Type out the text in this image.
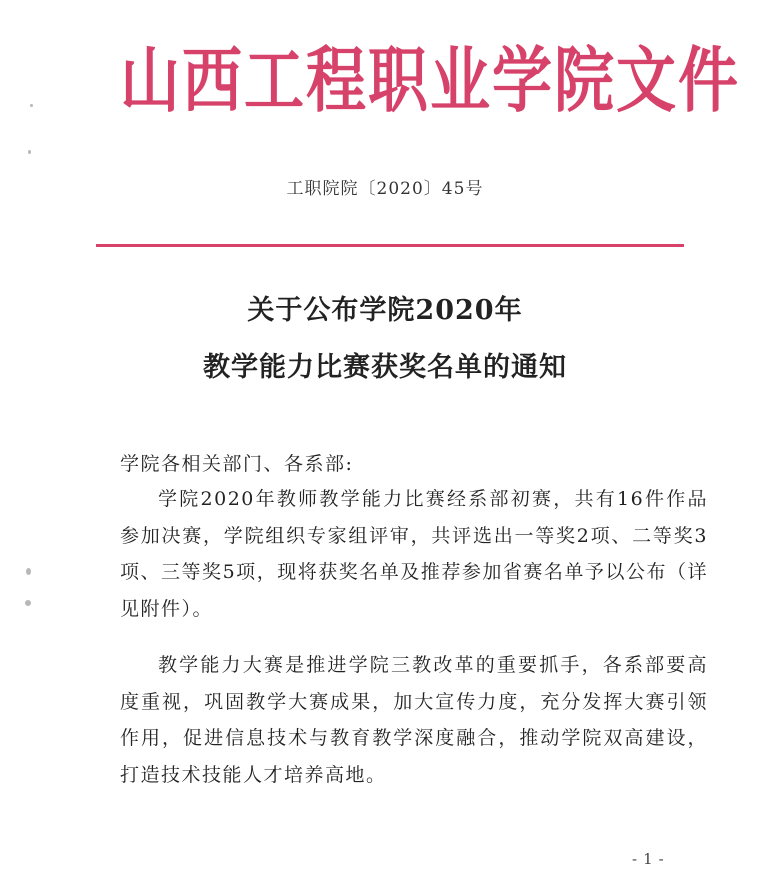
山西工程职业学院文件
工职院院〔2020〕45号
关于公布学院2020年
教学能力比赛获奖名单的通知
学院各相关部门、各系部:
学院2020年教师教学能力比赛经系部初赛，共有16件作品参加决赛，学院组织专家组评审，共评选出一等奖2项、二等奖3项、三等奖5项，现将获奖名单及推荐参加省赛名单予以公布（详见附件）。
教学能力大赛是推进学院三教改革的重要抓手，各系部要高度重视，巩固教学大赛成果，加大宣传力度，充分发挥大赛引领作用，促进信息技术与教育教学深度融合，推动学院双高建设，打造技术技能人才培养高地。
-1-
